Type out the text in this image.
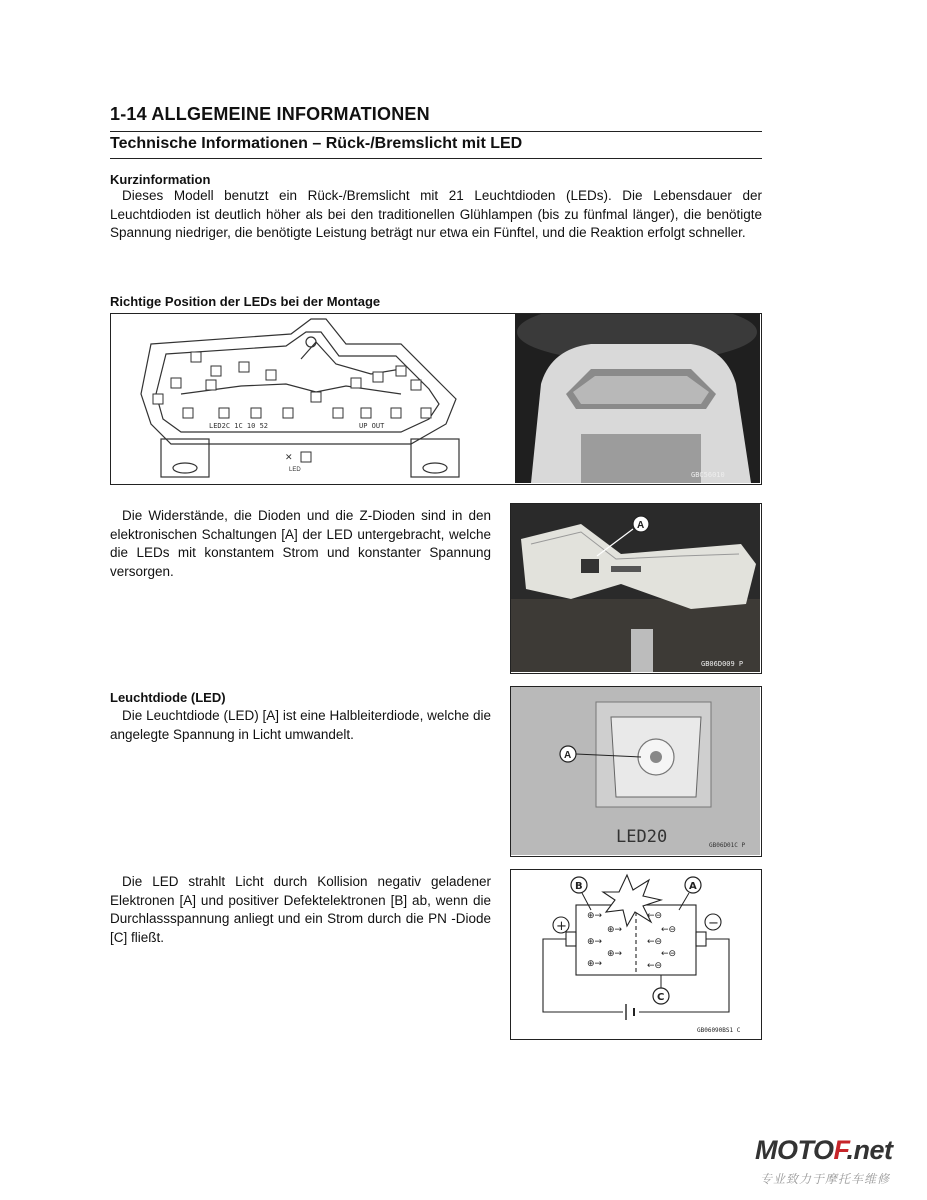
1-14 ALLGEMEINE INFORMATIONEN
Technische Informationen – Rück-/Bremslicht mit LED
Kurzinformation
Dieses Modell benutzt ein Rück-/Bremslicht mit 21 Leuchtdioden (LEDs). Die Lebensdauer der Leuchtdioden ist deutlich höher als bei den traditionellen Glühlampen (bis zu fünfmal länger), die benötigte Spannung niedriger, die benötigte Leistung beträgt nur etwa ein Fünftel, und die Reaktion erfolgt schneller.
Richtige Position der LEDs bei der Montage
LED2C 1C 10 52	UP OUT
✕
LED
GBC56010
Die Widerstände, die Dioden und die Z-Dioden sind in den elektronischen Schaltungen [A] der LED untergebracht, welche die LEDs mit konstantem Strom und konstanter Spannung versorgen.
A
GB06D009 P
Leuchtdiode (LED)
Die Leuchtdiode (LED) [A] ist eine Halbleiterdiode, welche die angelegte Spannung in Licht umwandelt.
A
LED20	GB06D01C P
Die LED strahlt Licht durch Kollision negativ geladener Elektronen [A] und positiver Defektelektronen [B] ab, wenn die Durchlassspannung anliegt und ein Strom durch die PN -Diode [C] fließt.
⊕→
⊕→
⊕→
⊕→
⊕→
←⊖
←⊖
←⊖
←⊖
←⊖
+	−
B	A
C
GB06090BS1 C
MOTOF.net
专业致力于摩托车维修
